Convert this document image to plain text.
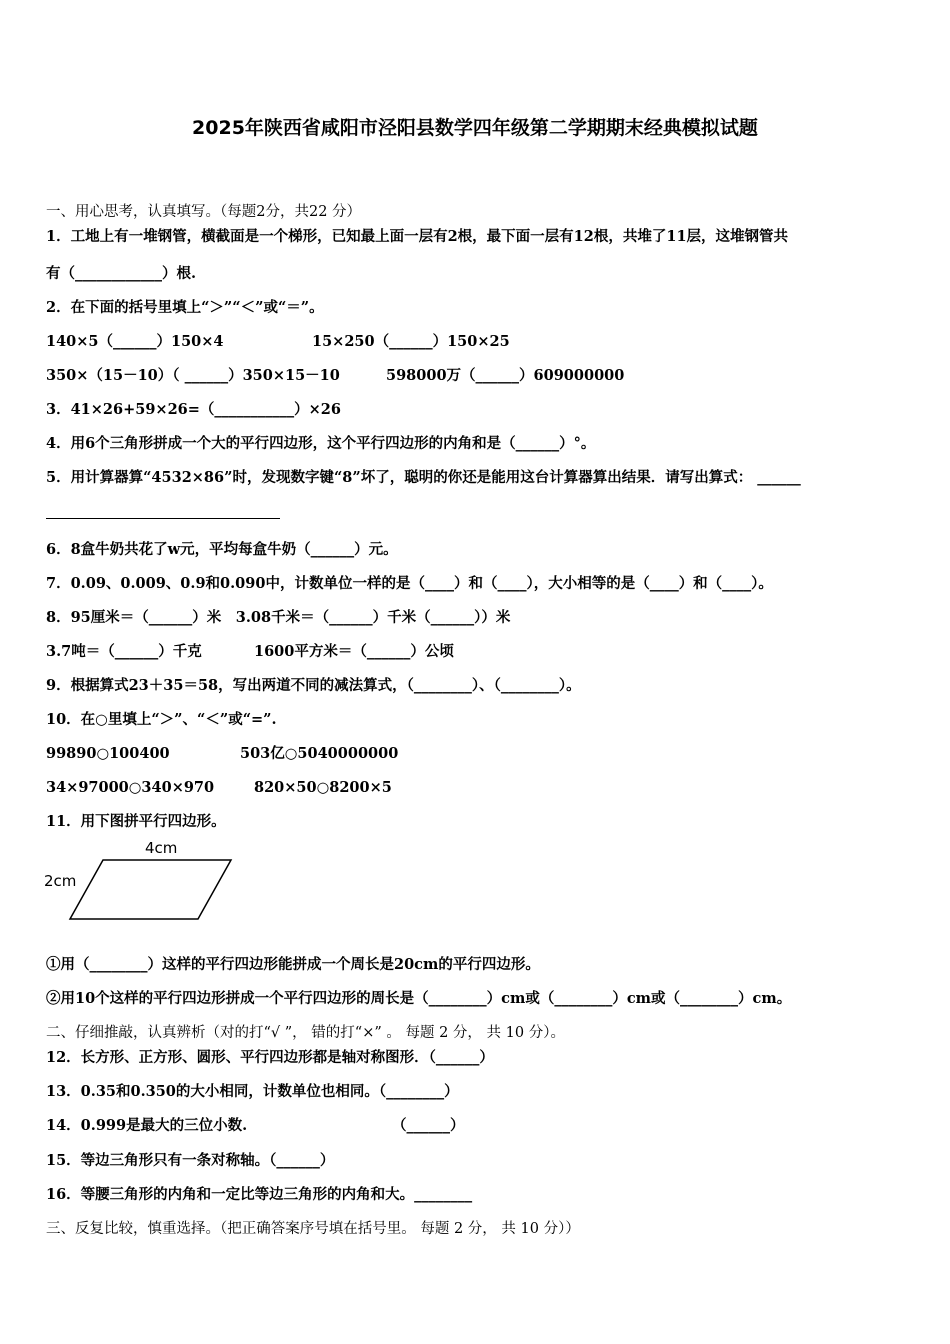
2025年陕西省咸阳市泾阳县数学四年级第二学期期末经典模拟试题
一、用心思考，认真填写。（每题2分，共22 分）
1．工地上有一堆钢管，横截面是一个梯形，已知最上面一层有2根，最下面一层有12根，共堆了11层，这堆钢管共
有（____________）根.
2．在下面的括号里填上“＞”“＜”或“＝”。
140×5（______）150×4	15×250（______）150×25
350×（15－10）（ ______）350×15－10	598000万（______）609000000
3．41×26+59×26=（___________）×26
4．用6个三角形拼成一个大的平行四边形，这个平行四边形的内角和是（______）°。
5．用计算器算“4532×86”时，发现数字键“8”坏了，聪明的你还是能用这台计算器算出结果．请写出算式： ______
6．8盒牛奶共花了w元，平均每盒牛奶（______）元。
7．0.09、0.009、0.9和0.090中，计数单位一样的是（____）和（____），大小相等的是（____）和（____）。
8．95厘米＝（______）米　3.08千米＝（______）千米（______））米
3.7吨＝（______）千克	1600平方米＝（______）公顷
9．根据算式23＋35＝58，写出两道不同的减法算式，（________）、（________）。
10．在○里填上“＞”、“＜”或“=”.
99890○100400	503亿○5040000000
34×97000○340×970	820×50○8200×5
11．用下图拼平行四边形。
4cm
2cm
①用（________）这样的平行四边形能拼成一个周长是20cm的平行四边形。
②用10个这样的平行四边形拼成一个平行四边形的周长是（________）cm或（________）cm或（________）cm。
二、仔细推敲，认真辨析（对的打“√ ”， 错的打“×” 。 每题 2 分， 共 10 分）。
12．长方形、正方形、圆形、平行四边形都是轴对称图形．（______）
13．0.35和0.350的大小相同，计数单位也相同。（________）
14．0.999是最大的三位小数.	（______）
15．等边三角形只有一条对称轴。（______）
16．等腰三角形的内角和一定比等边三角形的内角和大。________
三、反复比较，慎重选择。（把正确答案序号填在括号里。 每题 2 分， 共 10 分））
